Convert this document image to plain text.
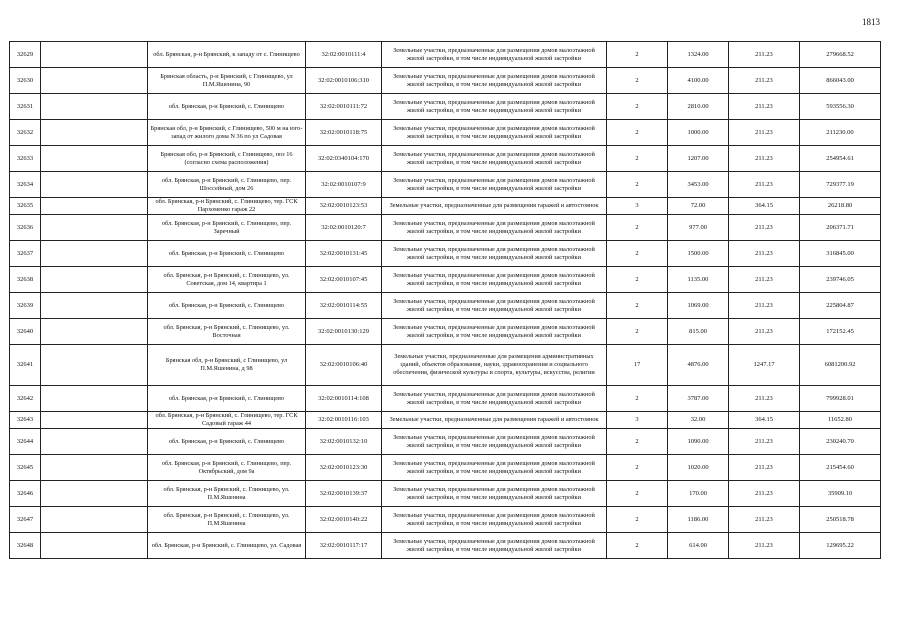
1813
32629		обл. Брянская, р-н Брянский, к западу от с. Глинищево	32:02:0010111:4	Земельные участки, предназначенные для размещения домов малоэтажной жилой застройки, в том числе индивидуальной жилой застройки	2	1324.00	211.23	279668.52
32630		Брянская область, р-н Брянский, с Глинищево, ул П.М.Яшенина, 90	32:02:0010106:310	Земельные участки, предназначенные для размещения домов малоэтажной жилой застройки, в том числе индивидуальной жилой застройки	2	4100.00	211.23	866043.00
32631		обл. Брянская, р-н Брянский, с. Глинищево	32:02:0010111:72	Земельные участки, предназначенные для размещения домов малоэтажной жилой застройки, в том числе индивидуальной жилой застройки	2	2810.00	211.23	593556.30
32632		Брянская обл, р-н Брянский, с Глинищево, 500 м на юго-запад от жилого дома N 36 по ул Садовая	32:02:0010118:75	Земельные участки, предназначенные для размещения домов малоэтажной жилой застройки, в том числе индивидуальной жилой застройки	2	1000.00	211.23	211230.00
32633		Брянская обл, р-н Брянский, с Глинищево, поз 16 (согласно схема расположения)	32:02:0340104:170	Земельные участки, предназначенные для размещения домов малоэтажной жилой застройки, в том числе индивидуальной жилой застройки	2	1207.00	211.23	254954.61
32634		обл. Брянская, р-н Брянский, с. Глинищево, пер. Шоссейный, дом 26	32:02:0010107:9	Земельные участки, предназначенные для размещения домов малоэтажной жилой застройки, в том числе индивидуальной жилой застройки	2	3453.00	211.23	729377.19
32635		обл. Брянская, р-н Брянский, с. Глинищево, тер. ГСК Пархоменко гараж 22	32:02:0010123:53	Земельные участки, предназначенные для размещения гаражей и автостоянок	3	72.00	364.15	26218.80
32636		обл. Брянская, р-н Брянский, с. Глинищево, пер. Заречный	32:02:0010120:7	Земельные участки, предназначенные для размещения домов малоэтажной жилой застройки, в том числе индивидуальной жилой застройки	2	977.00	211.23	206371.71
32637		обл. Брянская, р-н Брянский, с. Глинищево	32:02:0010131:45	Земельные участки, предназначенные для размещения домов малоэтажной жилой застройки, в том числе индивидуальной жилой застройки	2	1500.00	211.23	316845.00
32638		обл. Брянская, р-н Брянский, с. Глинищево, ул. Советская, дом 14, квартира 1	32:02:0010107:45	Земельные участки, предназначенные для размещения домов малоэтажной жилой застройки, в том числе индивидуальной жилой застройки	2	1135.00	211.23	239746.05
32639		обл. Брянская, р-н Брянский, с. Глинищево	32:02:0010114:55	Земельные участки, предназначенные для размещения домов малоэтажной жилой застройки, в том числе индивидуальной жилой застройки	2	1069.00	211.23	225804.87
32640		обл. Брянская, р-н Брянский, с. Глинищево, ул. Восточная	32:02:0010130:129	Земельные участки, предназначенные для размещения домов малоэтажной жилой застройки, в том числе индивидуальной жилой застройки	2	815.00	211.23	172152.45
32641		Брянская обл, р-н Брянский, с Глинищево, ул П.М.Яшенина, д 98	32:02:0010106:40	Земельные участки, предназначенные для размещения административных зданий, объектов образования, науки, здравоохранения и социального обеспечения, физической культуры и спорта, культуры, искусства, религии	17	4876.00	1247.17	6081200.92
32642		обл. Брянская, р-н Брянский, с. Глинищево	32:02:0010114:108	Земельные участки, предназначенные для размещения домов малоэтажной жилой застройки, в том числе индивидуальной жилой застройки	2	3787.00	211.23	799928.01
32643		обл. Брянская, р-н Брянский, с. Глинищево, тер. ГСК Садовый гараж 44	32:02:0010116:103	Земельные участки, предназначенные для размещения гаражей и автостоянок	3	32.00	364.15	11652.80
32644		обл. Брянская, р-н Брянский, с. Глинищево	32:02:0010132:10	Земельные участки, предназначенные для размещения домов малоэтажной жилой застройки, в том числе индивидуальной жилой застройки	2	1090.00	211.23	230240.70
32645		обл. Брянская, р-н Брянский, с. Глинищево, пер. Октябрьский, дом 9а	32:02:0010123:30	Земельные участки, предназначенные для размещения домов малоэтажной жилой застройки, в том числе индивидуальной жилой застройки	2	1020.00	211.23	215454.60
32646		обл. Брянская, р-н Брянский, с. Глинищево, ул. П.М.Яшенина	32:02:0010139:37	Земельные участки, предназначенные для размещения домов малоэтажной жилой застройки, в том числе индивидуальной жилой застройки	2	170.00	211.23	35909.10
32647		обл. Брянская, р-н Брянский, с. Глинищево, ул. П.М.Яшенина	32:02:0010140:22	Земельные участки, предназначенные для размещения домов малоэтажной жилой застройки, в том числе индивидуальной жилой застройки	2	1186.00	211.23	250518.78
32648		обл. Брянская, р-н Брянский, с. Глинищево, ул. Садовая	32:02:0010117:17	Земельные участки, предназначенные для размещения домов малоэтажной жилой застройки, в том числе индивидуальной жилой застройки	2	614.00	211.23	129695.22
